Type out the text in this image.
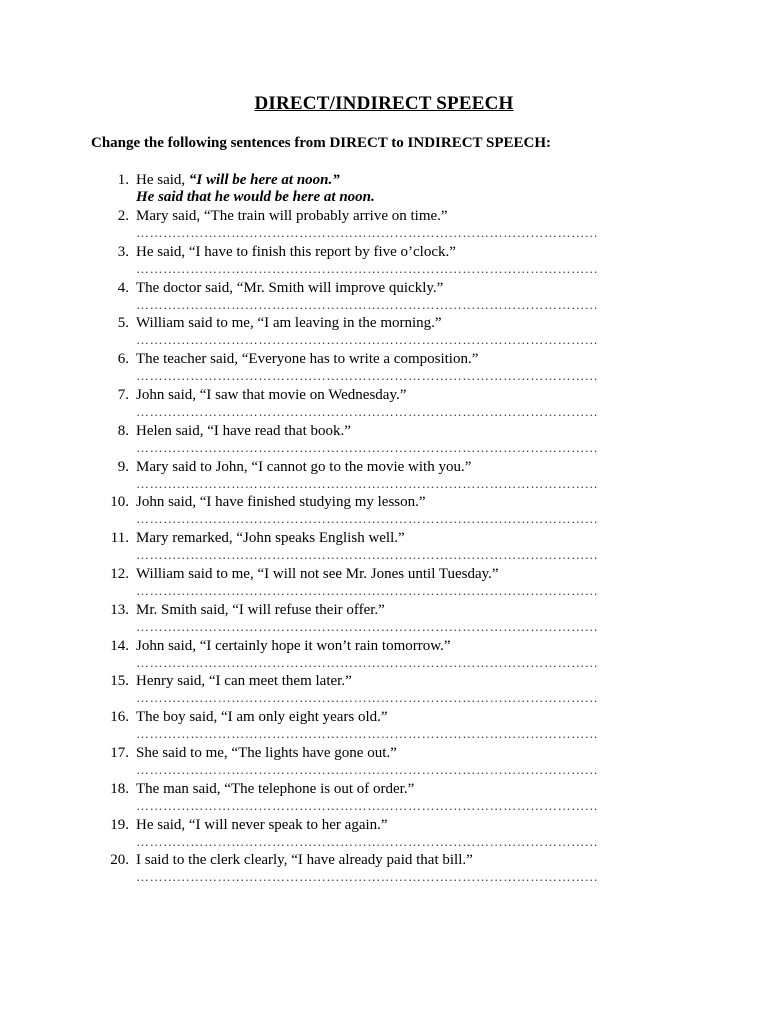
DIRECT/INDIRECT SPEECH
Change the following sentences from DIRECT to INDIRECT SPEECH:
1. He said, “I will be here at noon.”
He said that he would be here at noon.
2. Mary said, “The train will probably arrive on time.”
…………………………………………………………………………………………
3. He said, “I have to finish this report by five o’clock.”
…………………………………………………………………………………………
4. The doctor said, “Mr. Smith will improve quickly.”
…………………………………………………………………………………………
5. William said to me, “I am leaving in the morning.”
…………………………………………………………………………………………
6. The teacher said, “Everyone has to write a composition.”
…………………………………………………………………………………………
7. John said, “I saw that movie on Wednesday.”
…………………………………………………………………………………………
8. Helen said, “I have read that book.”
…………………………………………………………………………………………
9. Mary said to John, “I cannot go to the movie with you.”
…………………………………………………………………………………………
10. John said, “I have finished studying my lesson.”
…………………………………………………………………………………………
11. Mary remarked, “John speaks English well.”
…………………………………………………………………………………………
12. William said to me, “I will not see Mr. Jones until Tuesday.”
…………………………………………………………………………………………
13. Mr. Smith said, “I will refuse their offer.”
…………………………………………………………………………………………
14. John said, “I certainly hope it won’t rain tomorrow.”
…………………………………………………………………………………………
15. Henry said, “I can meet them later.”
…………………………………………………………………………………………
16. The boy said, “I am only eight years old.”
…………………………………………………………………………………………
17. She said to me, “The lights have gone out.”
…………………………………………………………………………………………
18. The man said, “The telephone is out of order.”
…………………………………………………………………………………………
19. He said, “I will never speak to her again.”
…………………………………………………………………………………………
20. I said to the clerk clearly, “I have already paid that bill.”
…………………………………………………………………………………………
